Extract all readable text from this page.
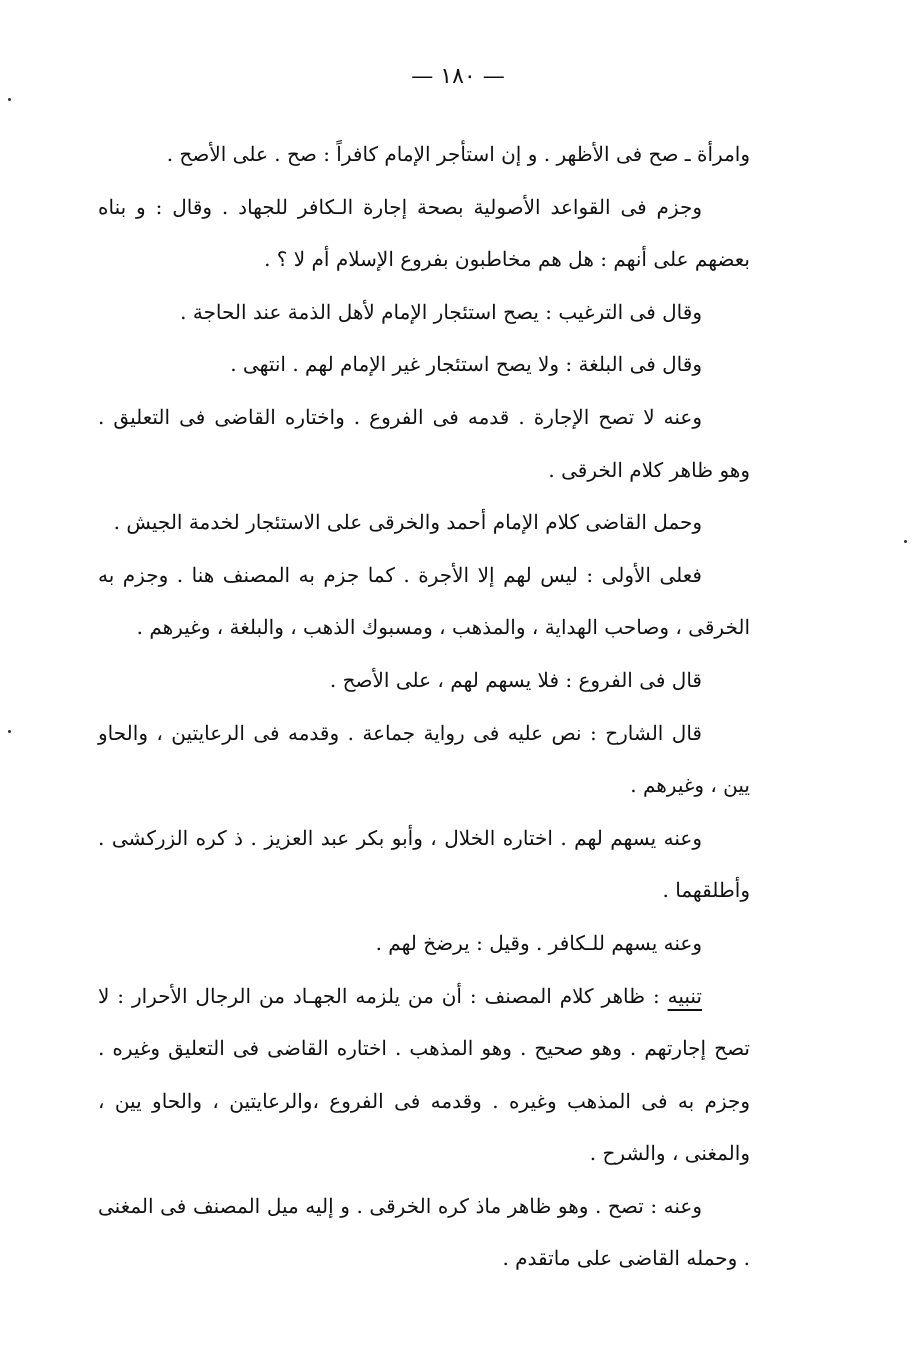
— ١٨٠ —

وامرأة ـ صح فى الأظهر . و إن استأجر الإمام كافراً : صح . على الأصح .

وجزم فى القواعد الأصولية بصحة إجارة الـكافر للجهاد . وقال : و بناه بعضهم على أنهم : هل هم مخاطبون بفروع الإسلام أم لا ؟ .

وقال فى الترغيب : يصح استئجار الإمام لأهل الذمة عند الحاجة .

وقال فى البلغة : ولا يصح استئجار غير الإمام لهم . انتهى .

وعنه لا تصح الإجارة . قدمه فى الفروع . واختاره القاضى فى التعليق . وهو ظاهر كلام الخرقى .

وحمل القاضى كلام الإمام أحمد والخرقى على الاستئجار لخدمة الجيش .

فعلى الأولى : ليس لهم إلا الأجرة . كما جزم به المصنف هنا . وجزم به الخرقى ، وصاحب الهداية ، والمذهب ، ومسبوك الذهب ، والبلغة ، وغيرهم .

قال فى الفروع : فلا يسهم لهم ، على الأصح .

قال الشارح : نص عليه فى رواية جماعة . وقدمه فى الرعايتين ، والحاو يين ، وغيرهم .

وعنه يسهم لهم . اختاره الخلال ، وأبو بكر عبد العزيز . ذ كره الزركشى . وأطلقهما .

وعنه يسهم للـكافر . وقيل : يرضخ لهم .

تنبيه : ظاهر كلام المصنف : أن من يلزمه الجهـاد من الرجال الأحرار : لا تصح إجارتهم . وهو صحيح . وهو المذهب . اختاره القاضى فى التعليق وغيره . وجزم به فى المذهب وغيره . وقدمه فى الفروع ،والرعايتين ، والحاو يين ، والمغنى ، والشرح .

وعنه : تصح . وهو ظاهر ماذ كره الخرقى . و إليه ميل المصنف فى المغنى . وحمله القاضى على ماتقدم .
